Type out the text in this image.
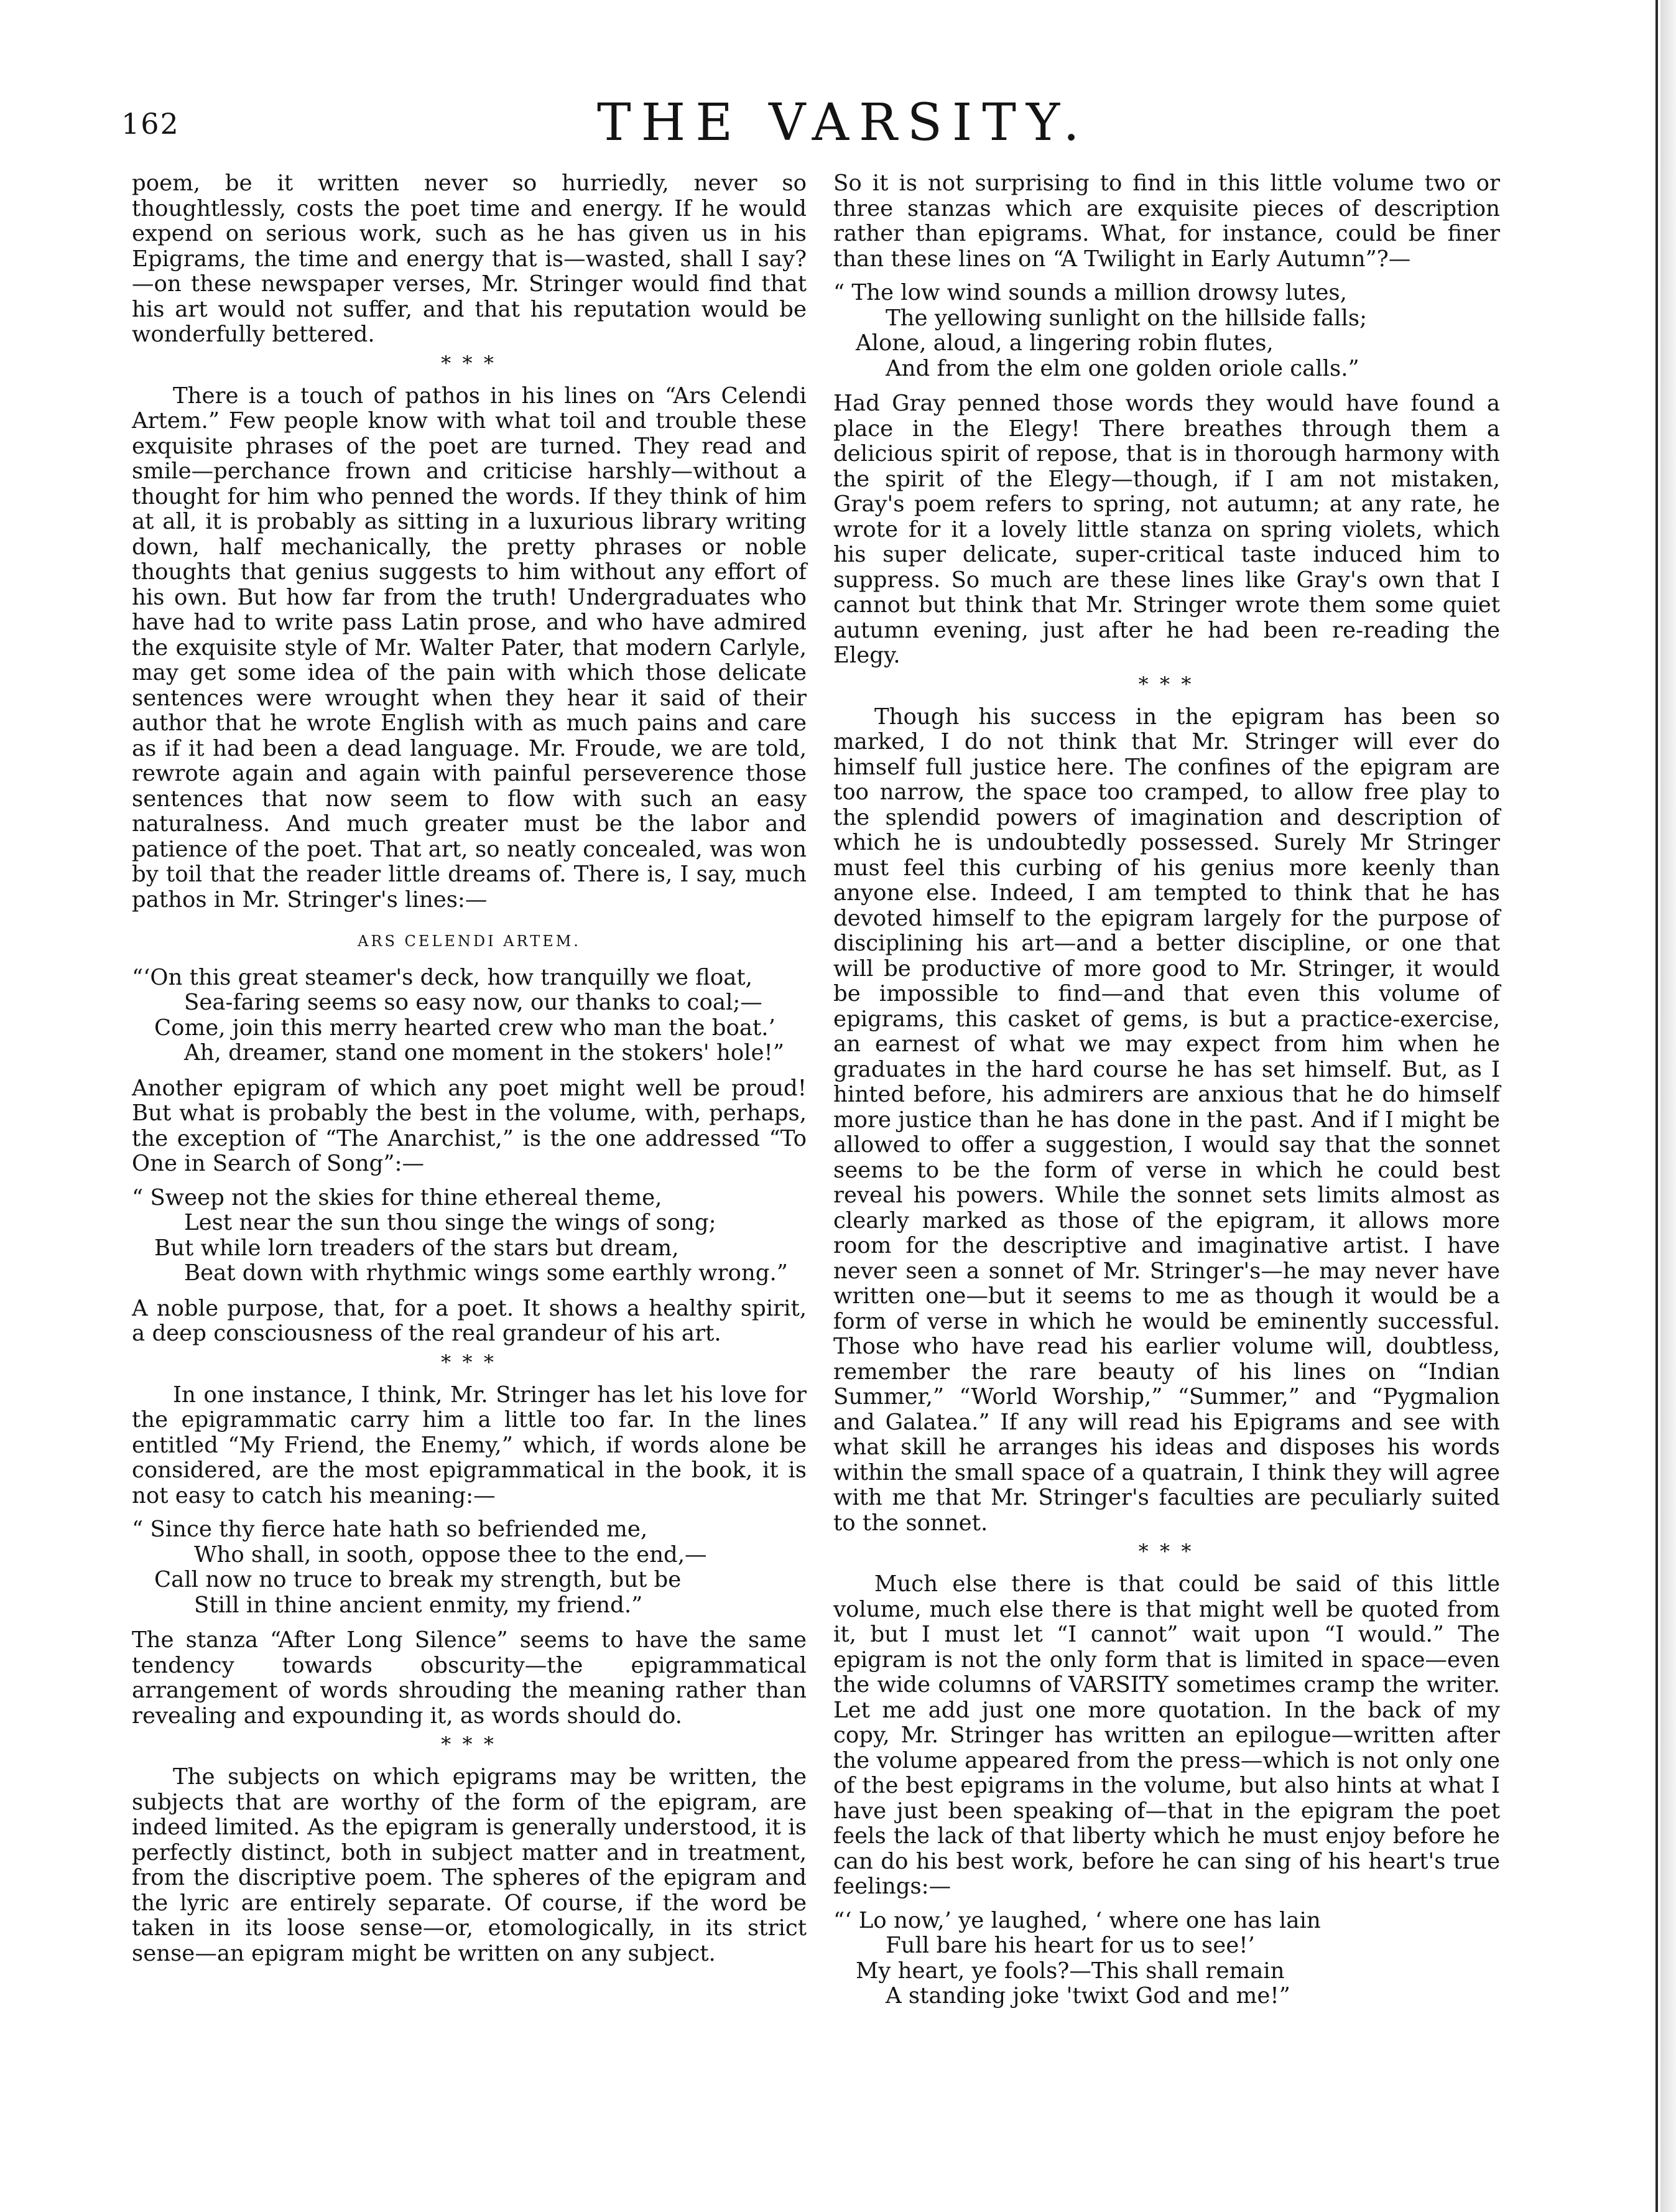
162	THE VARSITY.

poem, be it written never so hurriedly, never so thoughtlessly, costs the poet time and energy. If he would expend on serious work, such as he has given us in his Epigrams, the time and energy that is—wasted, shall I say?—on these newspaper verses, Mr. Stringer would find that his art would not suffer, and that his reputation would be wonderfully bettered.

* * *

There is a touch of pathos in his lines on “Ars Celendi Artem.” Few people know with what toil and trouble these exquisite phrases of the poet are turned. They read and smile—perchance frown and criticise harshly—without a thought for him who penned the words. If they think of him at all, it is probably as sitting in a luxurious library writing down, half mechanically, the pretty phrases or noble thoughts that genius suggests to him without any effort of his own. But how far from the truth! Undergraduates who have had to write pass Latin prose, and who have admired the exquisite style of Mr. Walter Pater, that modern Carlyle, may get some idea of the pain with which those delicate sentences were wrought when they hear it said of their author that he wrote English with as much pains and care as if it had been a dead language. Mr. Froude, we are told, rewrote again and again with painful perseverence those sentences that now seem to flow with such an easy naturalness. And much greater must be the labor and patience of the poet. That art, so neatly concealed, was won by toil that the reader little dreams of. There is, I say, much pathos in Mr. Stringer's lines:—

ARS CELENDI ARTEM.
“‘On this great steamer's deck, how tranquilly we float,
Sea-faring seems so easy now, our thanks to coal;—
Come, join this merry hearted crew who man the boat.’
Ah, dreamer, stand one moment in the stokers' hole!”

Another epigram of which any poet might well be proud! But what is probably the best in the volume, with, perhaps, the exception of “The Anarchist,” is the one addressed “To One in Search of Song”:—

“ Sweep not the skies for thine ethereal theme,
Lest near the sun thou singe the wings of song;
But while lorn treaders of the stars but dream,
Beat down with rhythmic wings some earthly wrong.”

A noble purpose, that, for a poet. It shows a healthy spirit, a deep consciousness of the real grandeur of his art.

* * *

In one instance, I think, Mr. Stringer has let his love for the epigrammatic carry him a little too far. In the lines entitled “My Friend, the Enemy,” which, if words alone be considered, are the most epigrammatical in the book, it is not easy to catch his meaning:—

“ Since thy fierce hate hath so befriended me,
Who shall, in sooth, oppose thee to the end,—
Call now no truce to break my strength, but be
Still in thine ancient enmity, my friend.”

The stanza “After Long Silence” seems to have the same tendency towards obscurity—the epigrammatical arrangement of words shrouding the meaning rather than revealing and expounding it, as words should do.

* * *

The subjects on which epigrams may be written, the subjects that are worthy of the form of the epigram, are indeed limited. As the epigram is generally understood, it is perfectly distinct, both in subject matter and in treatment, from the discriptive poem. The spheres of the epigram and the lyric are entirely separate. Of course, if the word be taken in its loose sense—or, etomologically, in its strict sense—an epigram might be written on any subject.

So it is not surprising to find in this little volume two or three stanzas which are exquisite pieces of description rather than epigrams. What, for instance, could be finer than these lines on “A Twilight in Early Autumn”?—

“ The low wind sounds a million drowsy lutes,
The yellowing sunlight on the hillside falls;
Alone, aloud, a lingering robin flutes,
And from the elm one golden oriole calls.”

Had Gray penned those words they would have found a place in the Elegy! There breathes through them a delicious spirit of repose, that is in thorough harmony with the spirit of the Elegy—though, if I am not mistaken, Gray's poem refers to spring, not autumn; at any rate, he wrote for it a lovely little stanza on spring violets, which his super delicate, super-critical taste induced him to suppress. So much are these lines like Gray's own that I cannot but think that Mr. Stringer wrote them some quiet autumn evening, just after he had been re-reading the Elegy.

* * *

Though his success in the epigram has been so marked, I do not think that Mr. Stringer will ever do himself full justice here. The confines of the epigram are too narrow, the space too cramped, to allow free play to the splendid powers of imagination and description of which he is undoubtedly possessed. Surely Mr Stringer must feel this curbing of his genius more keenly than anyone else. Indeed, I am tempted to think that he has devoted himself to the epigram largely for the purpose of disciplining his art—and a better discipline, or one that will be productive of more good to Mr. Stringer, it would be impossible to find—and that even this volume of epigrams, this casket of gems, is but a practice-exercise, an earnest of what we may expect from him when he graduates in the hard course he has set himself. But, as I hinted before, his admirers are anxious that he do himself more justice than he has done in the past. And if I might be allowed to offer a suggestion, I would say that the sonnet seems to be the form of verse in which he could best reveal his powers. While the sonnet sets limits almost as clearly marked as those of the epigram, it allows more room for the descriptive and imaginative artist. I have never seen a sonnet of Mr. Stringer's—he may never have written one—but it seems to me as though it would be a form of verse in which he would be eminently successful. Those who have read his earlier volume will, doubtless, remember the rare beauty of his lines on “Indian Summer,” “World Worship,” “Summer,” and “Pygmalion and Galatea.” If any will read his Epigrams and see with what skill he arranges his ideas and disposes his words within the small space of a quatrain, I think they will agree with me that Mr. Stringer's faculties are peculiarly suited to the sonnet.

* * *

Much else there is that could be said of this little volume, much else there is that might well be quoted from it, but I must let “I cannot” wait upon “I would.” The epigram is not the only form that is limited in space—even the wide columns of VARSITY sometimes cramp the writer. Let me add just one more quotation. In the back of my copy, Mr. Stringer has written an epilogue—written after the volume appeared from the press—which is not only one of the best epigrams in the volume, but also hints at what I have just been speaking of—that in the epigram the poet feels the lack of that liberty which he must enjoy before he can do his best work, before he can sing of his heart's true feelings:—

“‘ Lo now,’ ye laughed, ‘ where one has lain
Full bare his heart for us to see!’
My heart, ye fools?—This shall remain
A standing joke 'twixt God and me!”
